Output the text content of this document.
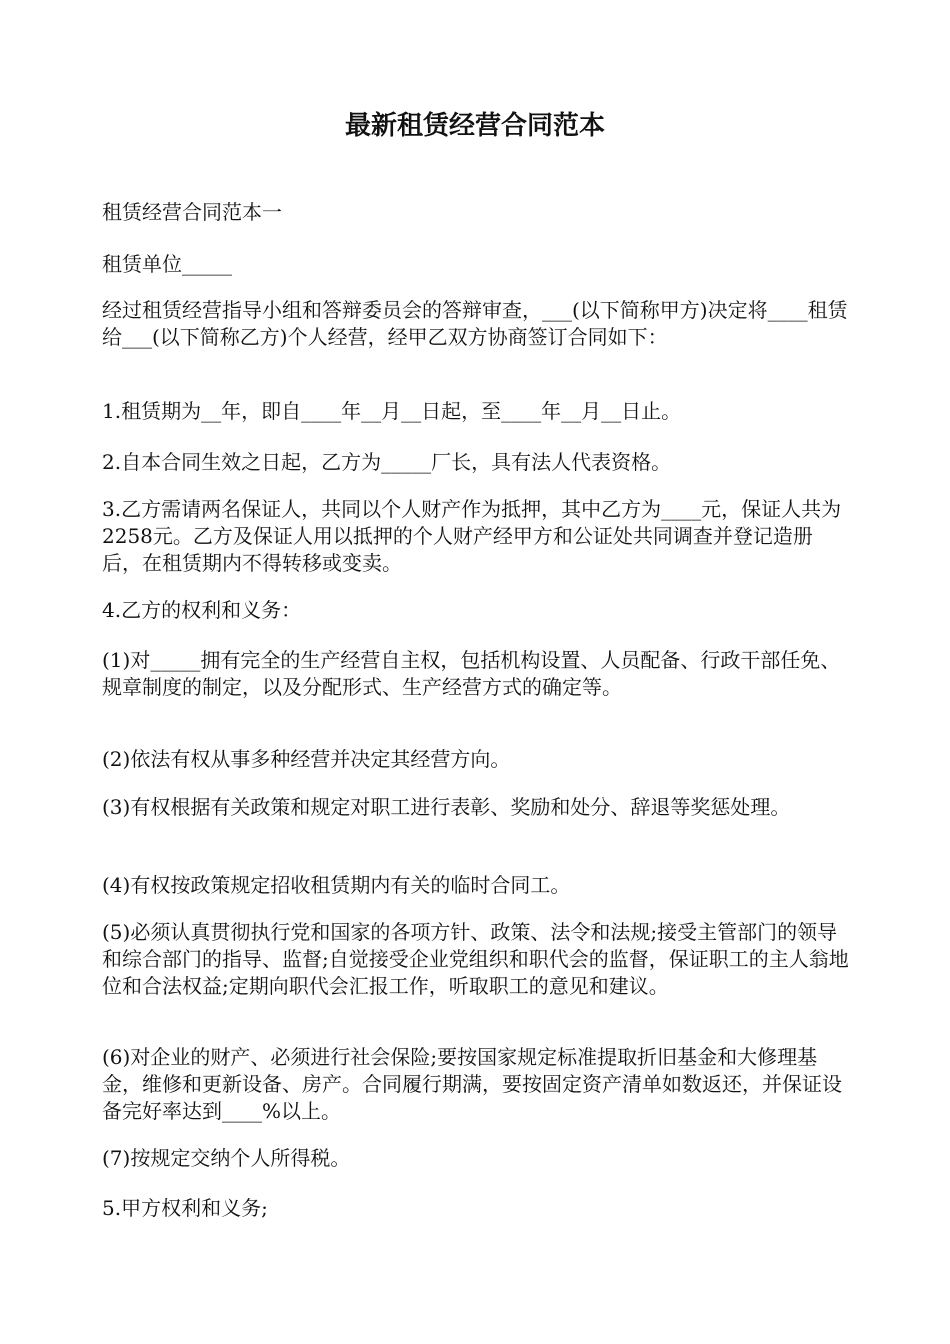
最新租赁经营合同范本

租赁经营合同范本一

租赁单位_____

经过租赁经营指导小组和答辩委员会的答辩审查，___(以下简称甲方)决定将____租赁给___(以下简称乙方)个人经营，经甲乙双方协商签订合同如下：

1.租赁期为__年，即自____年__月__日起，至____年__月__日止。

2.自本合同生效之日起，乙方为_____厂长，具有法人代表资格。

3.乙方需请两名保证人，共同以个人财产作为抵押，其中乙方为____元，保证人共为2258元。乙方及保证人用以抵押的个人财产经甲方和公证处共同调查并登记造册后，在租赁期内不得转移或变卖。

4.乙方的权利和义务：

(1)对_____拥有完全的生产经营自主权，包括机构设置、人员配备、行政干部任免、规章制度的制定，以及分配形式、生产经营方式的确定等。

(2)依法有权从事多种经营并决定其经营方向。

(3)有权根据有关政策和规定对职工进行表彰、奖励和处分、辞退等奖惩处理。

(4)有权按政策规定招收租赁期内有关的临时合同工。

(5)必须认真贯彻执行党和国家的各项方针、政策、法令和法规;接受主管部门的领导和综合部门的指导、监督;自觉接受企业党组织和职代会的监督，保证职工的主人翁地位和合法权益;定期向职代会汇报工作，听取职工的意见和建议。

(6)对企业的财产、必须进行社会保险;要按国家规定标准提取折旧基金和大修理基金，维修和更新设备、房产。合同履行期满，要按固定资产清单如数返还，并保证设备完好率达到____%以上。

(7)按规定交纳个人所得税。

5.甲方权利和义务;
